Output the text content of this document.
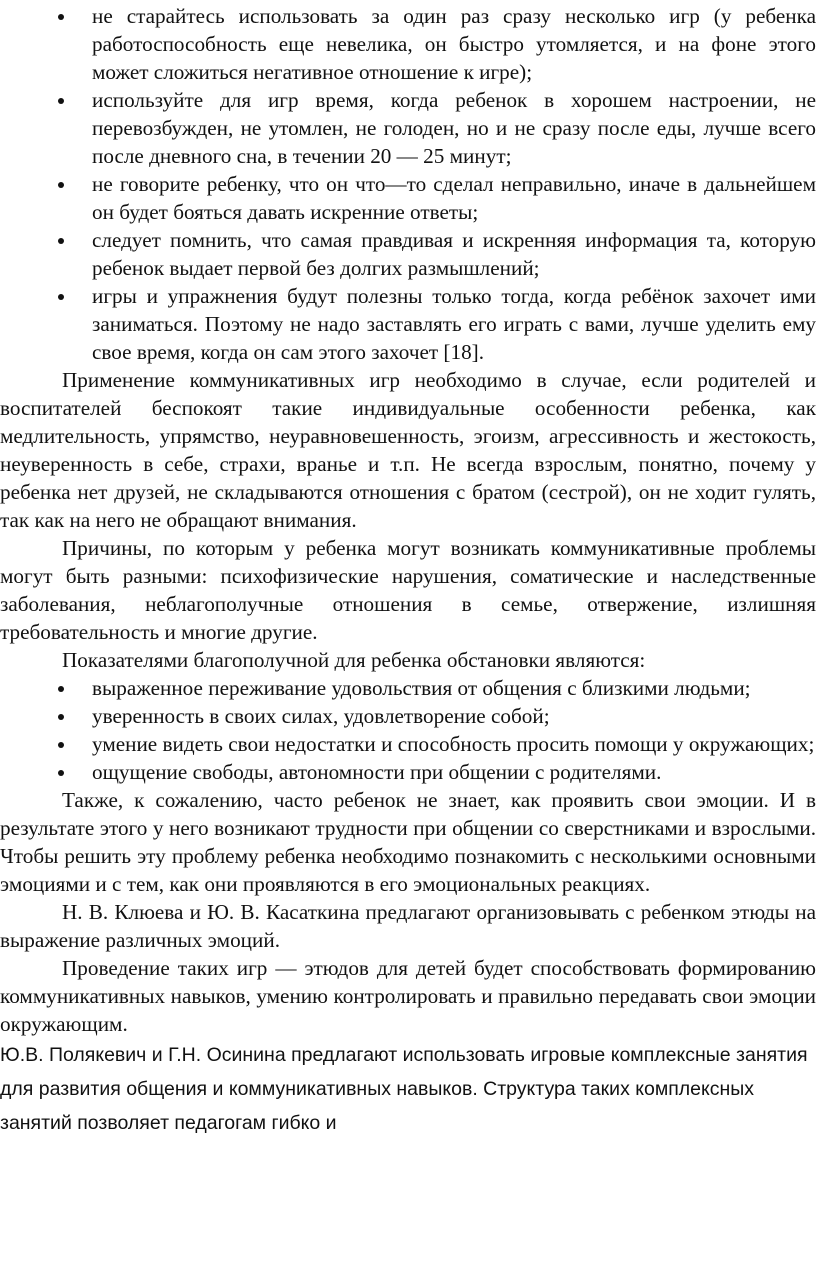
не старайтесь использовать за один раз сразу несколько игр (у ребенка работоспособность еще невелика, он быстро утомляется, и на фоне этого может сложиться негативное отношение к игре);
используйте для игр время, когда ребенок в хорошем настроении, не перевозбужден, не утомлен, не голоден, но и не сразу после еды, лучше всего после дневного сна, в течении 20 — 25 минут;
не говорите ребенку, что он что—то сделал неправильно, иначе в дальнейшем он будет бояться давать искренние ответы;
следует помнить, что самая правдивая и искренняя информация та, которую ребенок выдает первой без долгих размышлений;
игры и упражнения будут полезны только тогда, когда ребёнок захочет ими заниматься. Поэтому не надо заставлять его играть с вами, лучше уделить ему свое время, когда он сам этого захочет [18].

Применение коммуникативных игр необходимо в случае, если родителей и воспитателей беспокоят такие индивидуальные особенности ребенка, как медлительность, упрямство, неуравновешенность, эгоизм, агрессивность и жестокость, неуверенность в себе, страхи, вранье и т.п. Не всегда взрослым, понятно, почему у ребенка нет друзей, не складываются отношения с братом (сестрой), он не ходит гулять, так как на него не обращают внимания.

Причины, по которым у ребенка могут возникать коммуникативные проблемы могут быть разными: психофизические нарушения, соматические и наследственные заболевания, неблагополучные отношения в семье, отвержение, излишняя требовательность и многие другие.

Показателями благополучной для ребенка обстановки являются:

выраженное переживание удовольствия от общения с близкими людьми;
уверенность в своих силах, удовлетворение собой;
умение видеть свои недостатки и способность просить помощи у окружающих;
ощущение свободы, автономности при общении с родителями.

Также, к сожалению, часто ребенок не знает, как проявить свои эмоции. И в результате этого у него возникают трудности при общении со сверстниками и взрослыми. Чтобы решить эту проблему ребенка необходимо познакомить с несколькими основными эмоциями и с тем, как они проявляются в его эмоциональных реакциях.

Н. В. Клюева и Ю. В. Касаткина предлагают организовывать с ребенком этюды на выражение различных эмоций.

Проведение таких игр — этюдов для детей будет способствовать формированию коммуникативных навыков, умению контролировать и правильно передавать свои эмоции окружающим.

Ю.В. Полякевич и Г.Н. Осинина предлагают использовать игровые комплексные занятия для развития общения и коммуникативных навыков. Структура таких комплексных занятий позволяет педагогам гибко и
